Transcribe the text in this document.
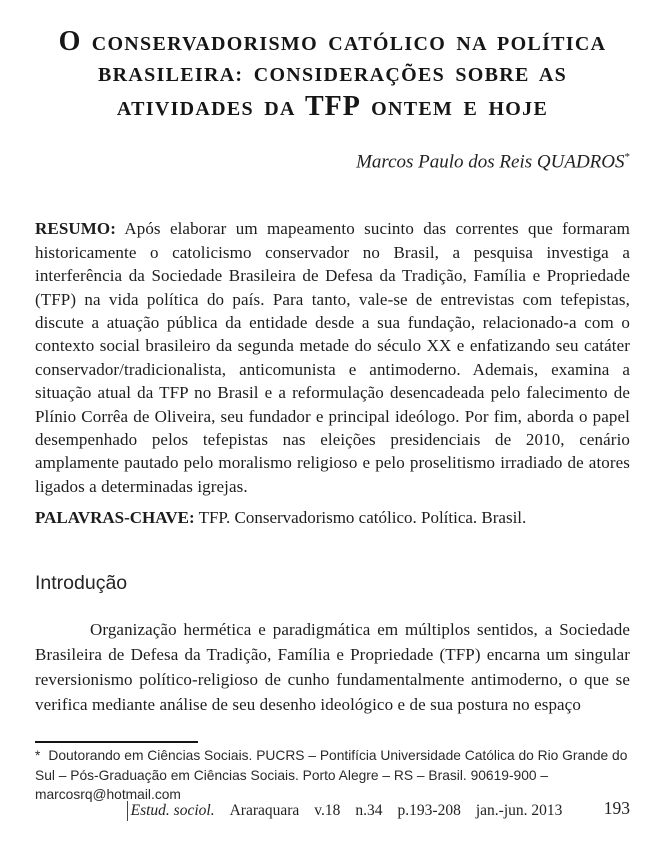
O CONSERVADORISMO CATÓLICO NA POLÍTICA
BRASILEIRA: CONSIDERAÇÕES SOBRE AS
ATIVIDADES DA TFP ONTEM E HOJE

Marcos Paulo dos Reis QUADROS*

RESUMO: Após elaborar um mapeamento sucinto das correntes que formaram historicamente o catolicismo conservador no Brasil, a pesquisa investiga a interferência da Sociedade Brasileira de Defesa da Tradição, Família e Propriedade (TFP) na vida política do país. Para tanto, vale-se de entrevistas com tefepistas, discute a atuação pública da entidade desde a sua fundação, relacionado-a com o contexto social brasileiro da segunda metade do século XX e enfatizando seu catáter conservador/tradicionalista, anticomunista e antimoderno. Ademais, examina a situação atual da TFP no Brasil e a reformulação desencadeada pelo falecimento de Plínio Corrêa de Oliveira, seu fundador e principal ideólogo. Por fim, aborda o papel desempenhado pelos tefepistas nas eleições presidenciais de 2010, cenário amplamente pautado pelo moralismo religioso e pelo proselitismo irradiado de atores ligados a determinadas igrejas.

PALAVRAS-CHAVE: TFP. Conservadorismo católico. Política. Brasil.

Introdução

Organização hermética e paradigmática em múltiplos sentidos, a Sociedade Brasileira de Defesa da Tradição, Família e Propriedade (TFP) encarna um singular reversionismo político-religioso de cunho fundamentalmente antimoderno, o que se verifica mediante análise de seu desenho ideológico e de sua postura no espaço

* Doutorando em Ciências Sociais. PUCRS – Pontifícia Universidade Católica do Rio Grande do Sul – Pós-Graduação em Ciências Sociais. Porto Alegre – RS – Brasil. 90619-900 – marcosrq@hotmail.com

Estud. sociol. Araraquara v.18 n.34 p.193-208 jan.-jun. 2013 193
